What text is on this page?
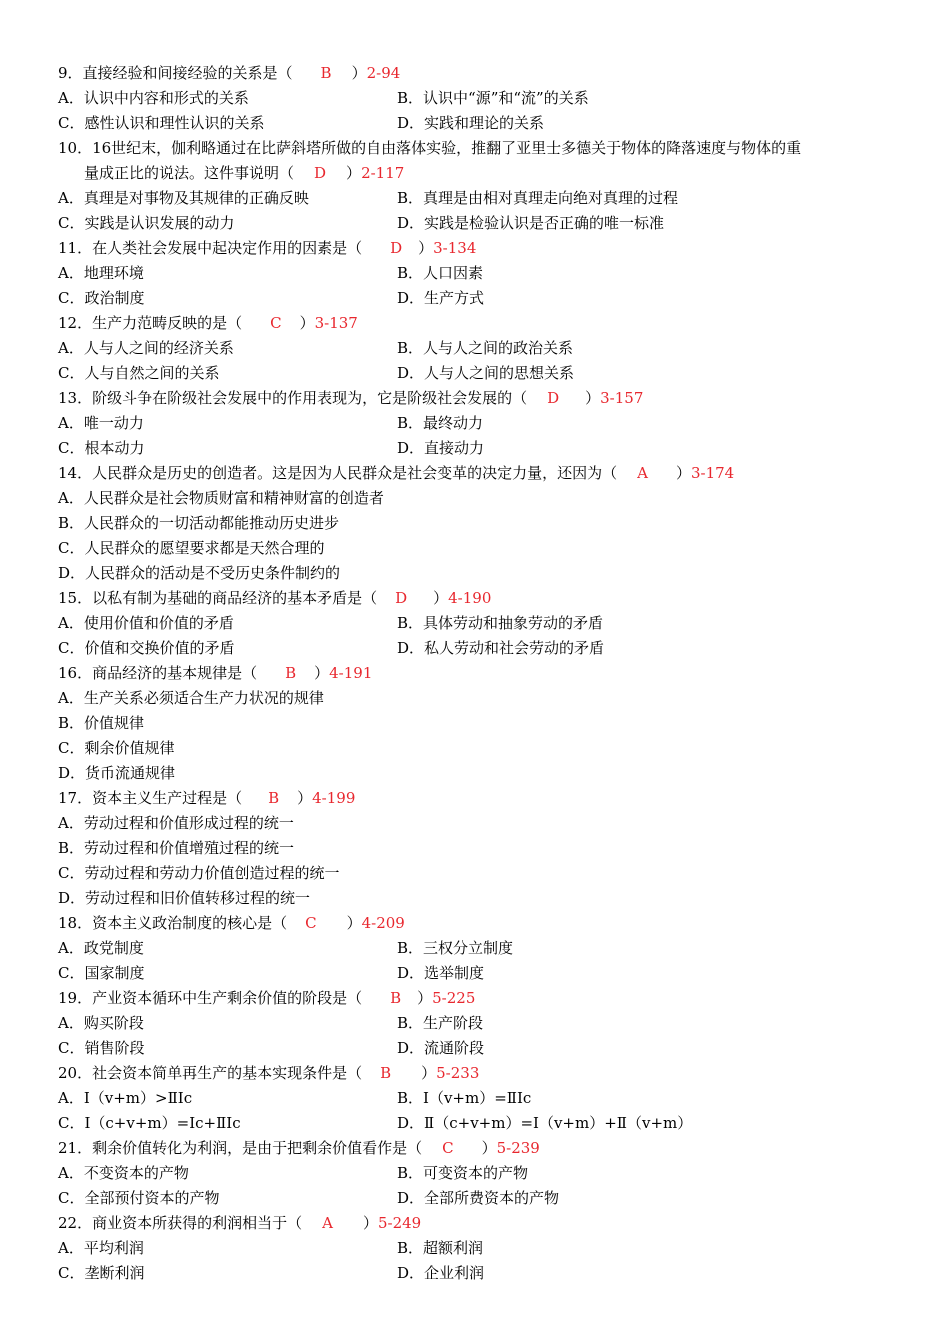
9．直接经验和间接经验的关系是（ B ）2-94
A．认识中内容和形式的关系	B．认识中“源”和“流”的关系
C．感性认识和理性认识的关系	D．实践和理论的关系
10．16世纪末，伽利略通过在比萨斜塔所做的自由落体实验，推翻了亚里士多德关于物体的降落速度与物体的重
量成正比的说法。这件事说明（ D ）2-117
A．真理是对事物及其规律的正确反映	B．真理是由相对真理走向绝对真理的过程
C．实践是认识发展的动力	D．实践是检验认识是否正确的唯一标准
11．在人类社会发展中起决定作用的因素是（ D ）3-134
A．地理环境	B．人口因素
C．政治制度	D．生产方式
12．生产力范畴反映的是（ C ）3-137
A．人与人之间的经济关系	B．人与人之间的政治关系
C．人与自然之间的关系	D．人与人之间的思想关系
13．阶级斗争在阶级社会发展中的作用表现为，它是阶级社会发展的（ D ）3-157
A．唯一动力	B．最终动力
C．根本动力	D．直接动力
14．人民群众是历史的创造者。这是因为人民群众是社会变革的决定力量，还因为（ A ）3-174
A．人民群众是社会物质财富和精神财富的创造者
B．人民群众的一切活动都能推动历史进步
C．人民群众的愿望要求都是天然合理的
D．人民群众的活动是不受历史条件制约的
15．以私有制为基础的商品经济的基本矛盾是（ D ）4-190
A．使用价值和价值的矛盾	B．具体劳动和抽象劳动的矛盾
C．价值和交换价值的矛盾	D．私人劳动和社会劳动的矛盾
16．商品经济的基本规律是（ B ）4-191
A．生产关系必须适合生产力状况的规律
B．价值规律
C．剩余价值规律
D．货币流通规律
17．资本主义生产过程是（ B ）4-199
A．劳动过程和价值形成过程的统一
B．劳动过程和价值增殖过程的统一
C．劳动过程和劳动力价值创造过程的统一
D．劳动过程和旧价值转移过程的统一
18．资本主义政治制度的核心是（ C ）4-209
A．政党制度	B．三权分立制度
C．国家制度	D．选举制度
19．产业资本循环中生产剩余价值的阶段是（ B ）5-225
A．购买阶段	B．生产阶段
C．销售阶段	D．流通阶段
20．社会资本简单再生产的基本实现条件是（ B ）5-233
A．Ⅰ（v+m）>ⅡIc	B．Ⅰ（v+m）=ⅡIc
C．Ⅰ（c+v+m）=Ic+ⅡIc	D．Ⅱ（c+v+m）=Ⅰ（v+m）+Ⅱ（v+m）
21．剩余价值转化为利润，是由于把剩余价值看作是（ C ）5-239
A．不变资本的产物	B．可变资本的产物
C．全部预付资本的产物	D．全部所费资本的产物
22．商业资本所获得的利润相当于（ A ）5-249
A．平均利润	B．超额利润
C．垄断利润	D．企业利润
